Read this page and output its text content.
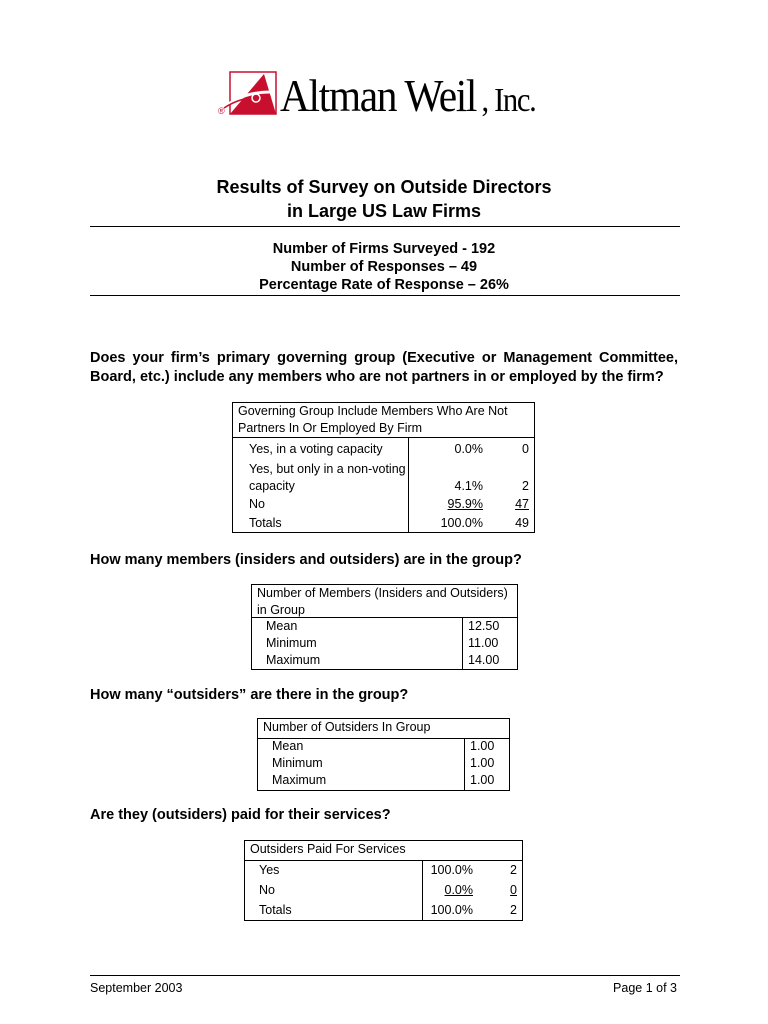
® Altman Weil , Inc.
Results of Survey on Outside Directors
in Large US Law Firms
Number of Firms Surveyed - 192
Number of Responses – 49
Percentage Rate of Response – 26%
Does your firm’s primary governing group (Executive or Management Committee, Board, etc.) include any members who are not partners in or employed by the firm?
Governing Group Include Members Who Are Not Partners In Or Employed By Firm
Yes, in a voting capacity	0.0%	0
Yes, but only in a non-voting capacity	4.1%	2
No	95.9%	47
Totals	100.0%	49
How many members (insiders and outsiders) are in the group?
Number of Members (Insiders and Outsiders) in Group
Mean	12.50
Minimum	11.00
Maximum	14.00
How many “outsiders” are there in the group?
Number of Outsiders In Group
Mean	1.00
Minimum	1.00
Maximum	1.00
Are they (outsiders) paid for their services?
Outsiders Paid For Services
Yes	100.0%	2
No	0.0%	0
Totals	100.0%	2
September 2003	Page 1 of 3
